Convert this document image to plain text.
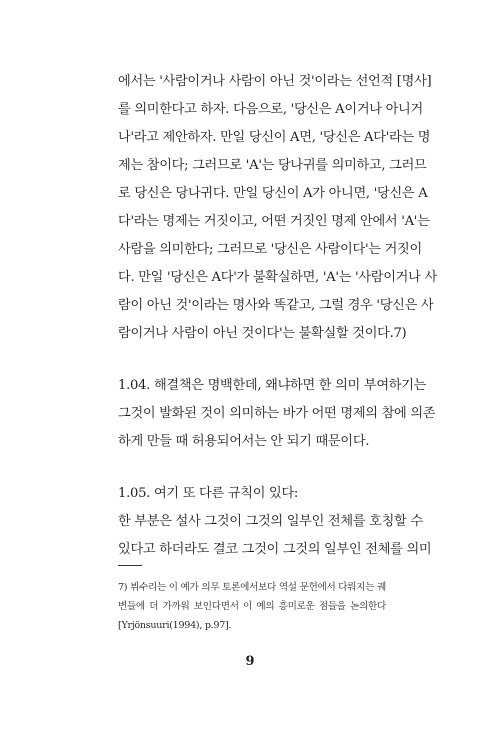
에서는 '사람이거나 사람이 아닌 것'이라는 선언적 [명사]
를 의미한다고 하자. 다음으로, '당신은 A이거나 아니거
나'라고 제안하자. 만일 당신이 A면, '당신은 A다'라는 명
제는 참이다; 그러므로 'A'는 당나귀를 의미하고, 그러므
로 당신은 당나귀다. 만일 당신이 A가 아니면, '당신은 A
다'라는 명제는 거짓이고, 어떤 거짓인 명제 안에서 'A'는
사람을 의미한다; 그러므로 '당신은 사람이다'는 거짓이
다. 만일 '당신은 A다'가 불확실하면, 'A'는 '사람이거나 사
람이 아닌 것'이라는 명사와 똑같고, 그럴 경우 '당신은 사
람이거나 사람이 아닌 것이다'는 불확실할 것이다.7)
1.04. 해결책은 명백한데, 왜냐하면 한 의미 부여하기는
그것이 발화된 것이 의미하는 바가 어떤 명제의 참에 의존
하게 만들 때 허용되어서는 안 되기 때문이다.
1.05. 여기 또 다른 규칙이 있다:
한 부분은 설사 그것이 그것의 일부인 전체를 호칭할 수
있다고 하더라도 결코 그것이 그것의 일부인 전체를 의미
7) 뷔수리는 이 예가 의무 토론에서보다 역설 문헌에서 다뤄지는 궤
변들에 더 가까워 보인다면서 이 예의 흥미로운 점들을 논의한다
[Yrjönsuuri(1994), p.97].
9
